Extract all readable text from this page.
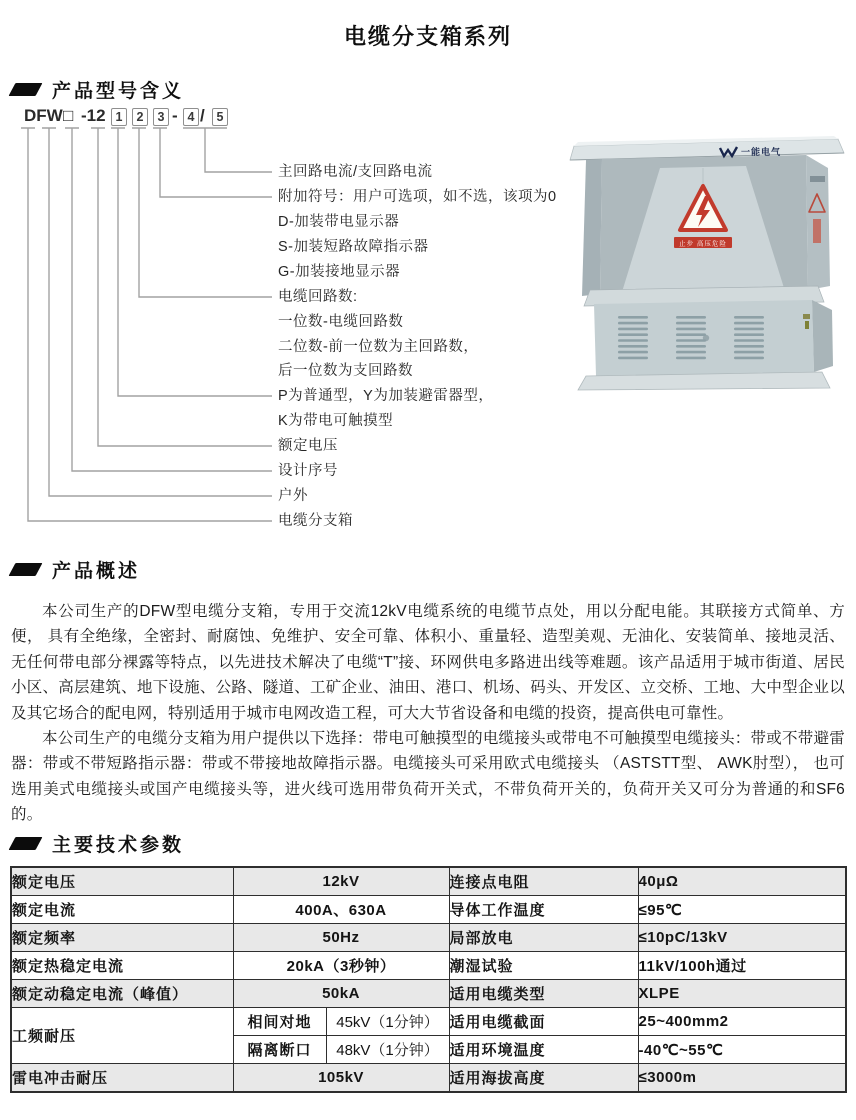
电缆分支箱系列
产品型号含义
DFW □ -12 1	2	3 - 4 / 5
主回路电流/支回路电流
附加符号：用户可选项，如不选，该项为0
D-加装带电显示器
S-加装短路故障指示器
G-加装接地显示器
电缆回路数:
一位数-电缆回路数
二位数-前一位数为主回路数，
后一位数为支回路数
P为普通型，Y为加装避雷器型，
K为带电可触摸型
额定电压
设计序号
户外
电缆分支箱
一能电气
止步 高压危险
产品概述

本公司生产的DFW型电缆分支箱，专用于交流12kV电缆系统的电缆节点处，用以分配电能。其联接方式简单、方便， 具有全绝缘，全密封、耐腐蚀、免维护、安全可靠、体积小、重量轻、造型美观、无油化、安装简单、接地灵活、无任何带电部分裸露等特点，以先进技术解决了电缆“T”接、环网供电多路进出线等难题。该产品适用于城市街道、居民小区、高层建筑、地下设施、公路、隧道、工矿企业、油田、港口、机场、码头、开发区、立交桥、工地、大中型企业以及其它场合的配电网，特别适用于城市电网改造工程，可大大节省设备和电缆的投资，提高供电可靠性。

本公司生产的电缆分支箱为用户提供以下选择：带电可触摸型的电缆接头或带电不可触摸型电缆接头：带或不带避雷器：带或不带短路指示器：带或不带接地故障指示器。电缆接头可采用欧式电缆接头 （ASTSTT型、 AWK肘型）， 也可选用美式电缆接头或国产电缆接头等，进火线可选用带负荷开关式，不带负荷开关的，负荷开关又可分为普通的和SF6的。

主要技术参数
额定电压	12kV		连接点电阻	40μΩ
额定电流	400A、630A		导体工作温度	≤95℃
额定频率	50Hz		局部放电	≤10pC/13kV
额定热稳定电流	20kA（3秒钟）		潮湿试验	11kV/100h通过
额定动稳定电流（峰值）	50kA		适用电缆类型	XLPE
工频耐压	相间对地	45kV（1分钟）	适用电缆截面	25~400mm2
	隔离断口	48kV（1分钟）	适用环境温度	-40℃~55℃
雷电冲击耐压	105kV		适用海拔高度	≤3000m
